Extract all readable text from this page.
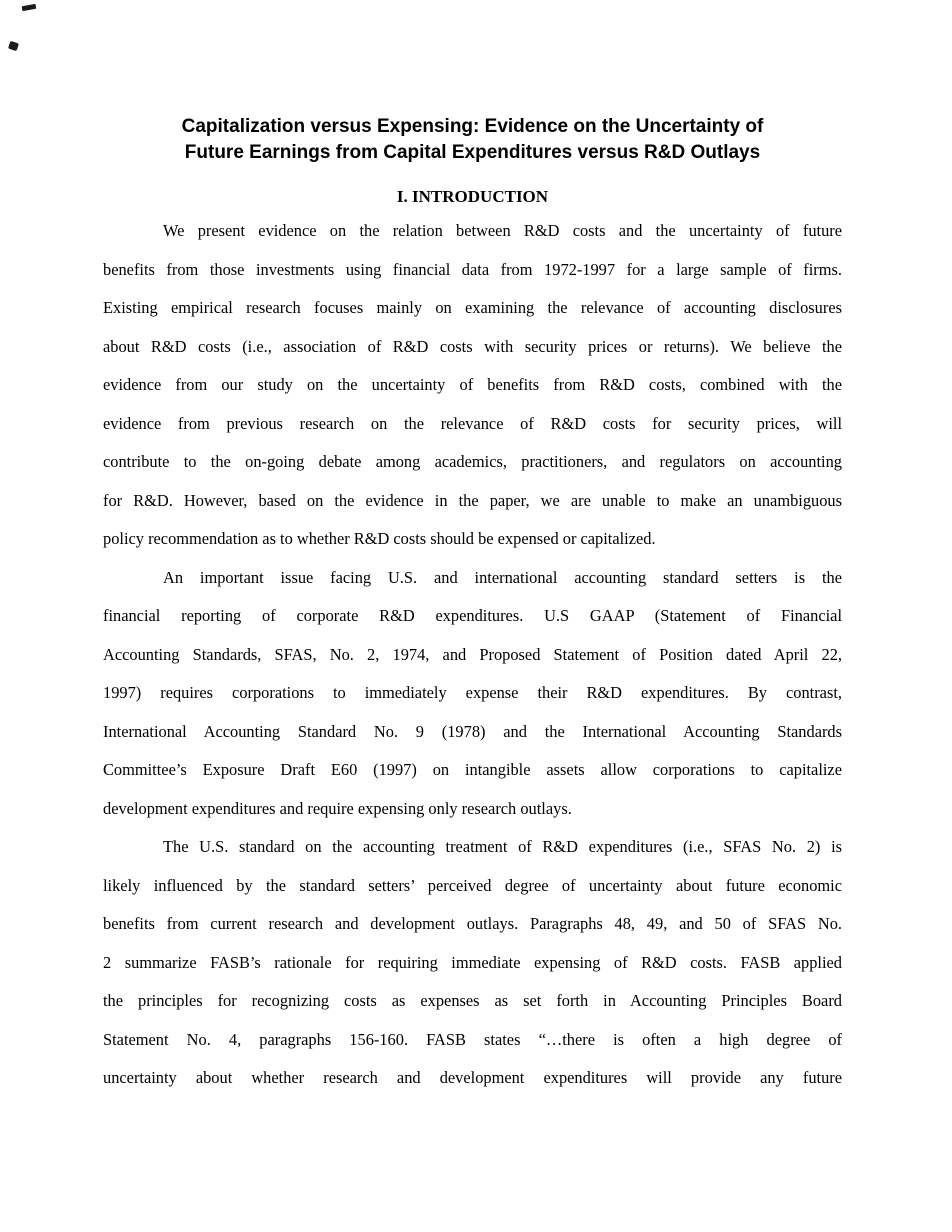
Capitalization versus Expensing: Evidence on the Uncertainty of
Future Earnings from Capital Expenditures versus R&D Outlays
I. INTRODUCTION
We present evidence on the relation between R&D costs and the uncertainty of future
benefits from those investments using financial data from 1972-1997 for a large sample of firms.
Existing empirical research focuses mainly on examining the relevance of accounting disclosures
about R&D costs (i.e., association of R&D costs with security prices or returns). We believe the
evidence from our study on the uncertainty of benefits from R&D costs, combined with the
evidence from previous research on the relevance of R&D costs for security prices, will
contribute to the on-going debate among academics, practitioners, and regulators on accounting
for R&D. However, based on the evidence in the paper, we are unable to make an unambiguous
policy recommendation as to whether R&D costs should be expensed or capitalized.
An important issue facing U.S. and international accounting standard setters is the
financial reporting of corporate R&D expenditures. U.S GAAP (Statement of Financial
Accounting Standards, SFAS, No. 2, 1974, and Proposed Statement of Position dated April 22,
1997) requires corporations to immediately expense their R&D expenditures. By contrast,
International Accounting Standard No. 9 (1978) and the International Accounting Standards
Committee’s Exposure Draft E60 (1997) on intangible assets allow corporations to capitalize
development expenditures and require expensing only research outlays.
The U.S. standard on the accounting treatment of R&D expenditures (i.e., SFAS No. 2) is
likely influenced by the standard setters’ perceived degree of uncertainty about future economic
benefits from current research and development outlays. Paragraphs 48, 49, and 50 of SFAS No.
2 summarize FASB’s rationale for requiring immediate expensing of R&D costs. FASB applied
the principles for recognizing costs as expenses as set forth in Accounting Principles Board
Statement No. 4, paragraphs 156-160. FASB states “…there is often a high degree of
uncertainty about whether research and development expenditures will provide any future
